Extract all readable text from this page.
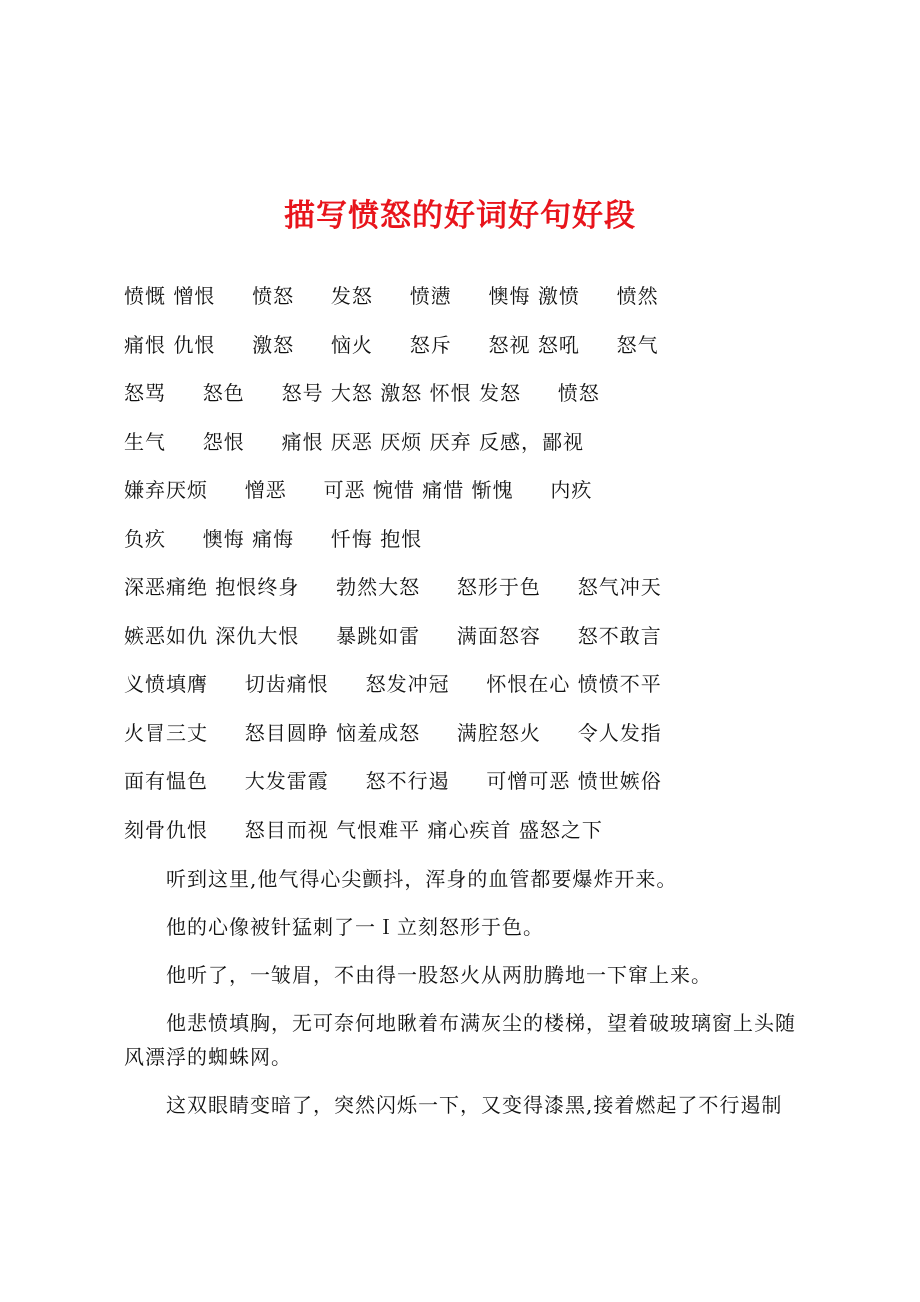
描写愤怒的好词好句好段
愤慨 憎恨     愤怒     发怒     愤懑     懊悔 激愤     愤然
痛恨 仇恨     激怒     恼火     怒斥     怒视 怒吼     怒气
怒骂     怒色     怒号 大怒 激怒 怀恨 发怒     愤怒
生气     怨恨     痛恨 厌恶 厌烦 厌弃 反感，鄙视
嫌弃厌烦     憎恶     可恶 惋惜 痛惜 惭愧     内疚
负疚     懊悔 痛悔     忏悔 抱恨
深恶痛绝 抱恨终身     勃然大怒     怒形于色     怒气冲天
嫉恶如仇 深仇大恨     暴跳如雷     满面怒容     怒不敢言
义愤填膺     切齿痛恨     怒发冲冠     怀恨在心 愤愤不平
火冒三丈     怒目圆睁 恼羞成怒     满腔怒火     令人发指
面有愠色     大发雷霞     怒不行遏     可憎可恶 愤世嫉俗
刻骨仇恨     怒目而视 气恨难平 痛心疾首 盛怒之下

听到这里,他气得心尖颤抖，浑身的血管都要爆炸开来。

他的心像被针猛刺了一Ｉ立刻怒形于色。

他听了，一皱眉，不由得一股怒火从两肋腾地一下窜上来。

他悲愤填胸，无可奈何地瞅着布满灰尘的楼梯，望着破玻璃窗上头随风漂浮的蜘蛛网。

这双眼睛变暗了，突然闪烁一下，又变得漆黑,接着燃起了不行遏制
